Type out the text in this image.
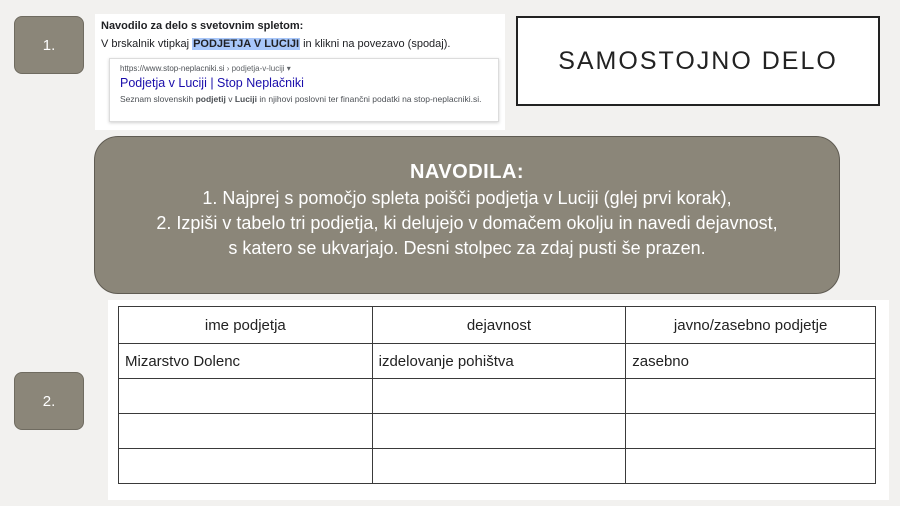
1.
2.
Navodilo za delo s svetovnim spletom:
V brskalnik vtipkaj PODJETJA V LUCIJI in klikni na povezavo (spodaj).
https://www.stop-neplacniki.si › podjetja-v-luciji ▾
Podjetja v Luciji | Stop Neplačniki
Seznam slovenskih podjetij v Luciji in njihovi poslovni ter finančni podatki na stop-neplacniki.si.
SAMOSTOJNO DELO
NAVODILA:
1. Najprej s pomočjo spleta poišči podjetja v Luciji (glej prvi korak),
2. Izpiši v tabelo tri podjetja, ki delujejo v domačem okolju in navedi dejavnost,
s katero se ukvarjajo. Desni stolpec za zdaj pusti še prazen.
ime podjetja	dejavnost	javno/zasebno podjetje
Mizarstvo Dolenc	izdelovanje pohištva	zasebno
